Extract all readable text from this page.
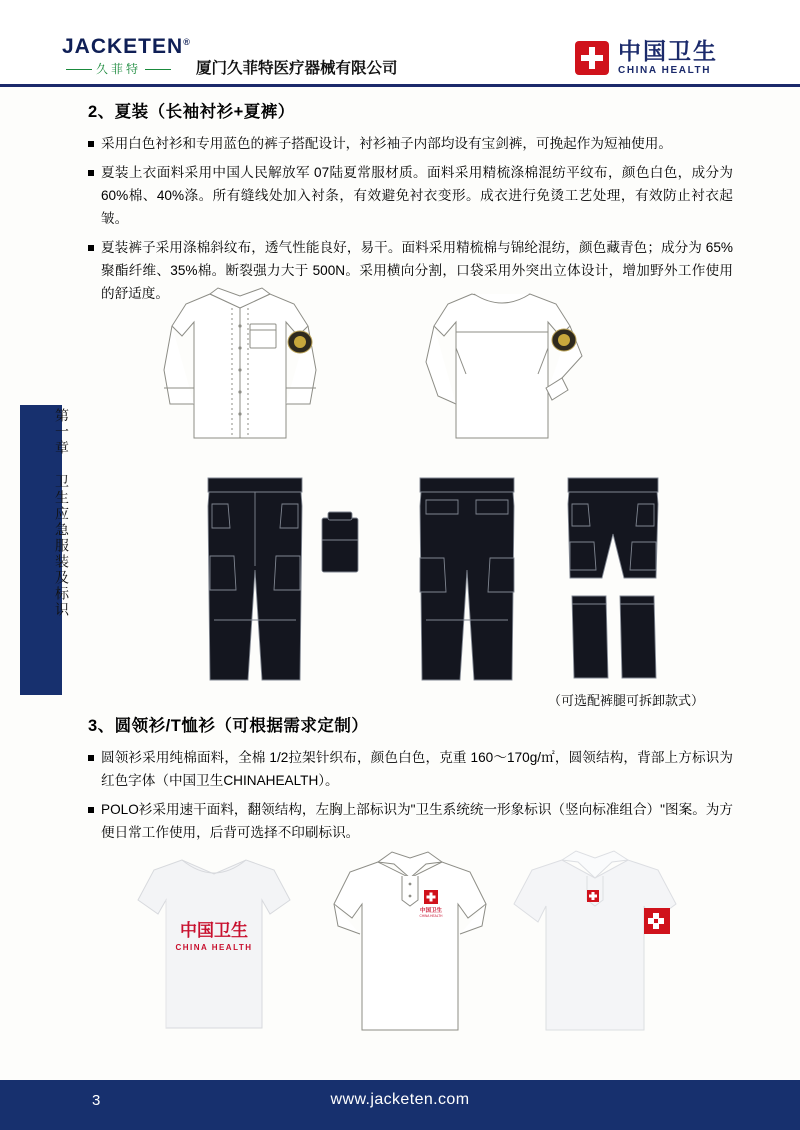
JACKETEN®
久菲特	厦门久菲特医疗器械有限公司
中国卫生
CHINA HEALTH
第一章 卫生应急服装及标识
2、夏装（长袖衬衫+夏裤）

采用白色衬衫和专用蓝色的裤子搭配设计，衬衫袖子内部均设有宝剑裤，可挽起作为短袖使用。

夏装上衣面料采用中国人民解放军 07陆夏常服材质。面料采用精梳涤棉混纺平纹布，颜色白色，成分为60%棉、40%涤。所有缝线处加入衬条，有效避免衬衣变形。成衣进行免烫工艺处理，有效防止衬衣起皱。

夏装裤子采用涤棉斜纹布，透气性能良好，易干。面料采用精梳棉与锦纶混纺，颜色藏青色；成分为 65%聚酯纤维、35%棉。断裂强力大于 500N。采用横向分割，口袋采用外突出立体设计，增加野外工作使用的舒适度。

（可选配裤腿可拆卸款式）
3、圆领衫/T恤衫（可根据需求定制）

圆领衫采用纯棉面料，全棉 1/2拉架针织布，颜色白色，克重 160～170g/㎡，圆领结构，背部上方标识为红色字体（中国卫生CHINAHEALTH）。

POLO衫采用速干面料，翻领结构，左胸上部标识为"卫生系统统一形象标识（竖向标准组合）"图案。为方便日常工作使用，后背可选择不印刷标识。

中国卫生
CHINA HEALTH
中国卫生
CHINA HEALTH
3	www.jacketen.com
